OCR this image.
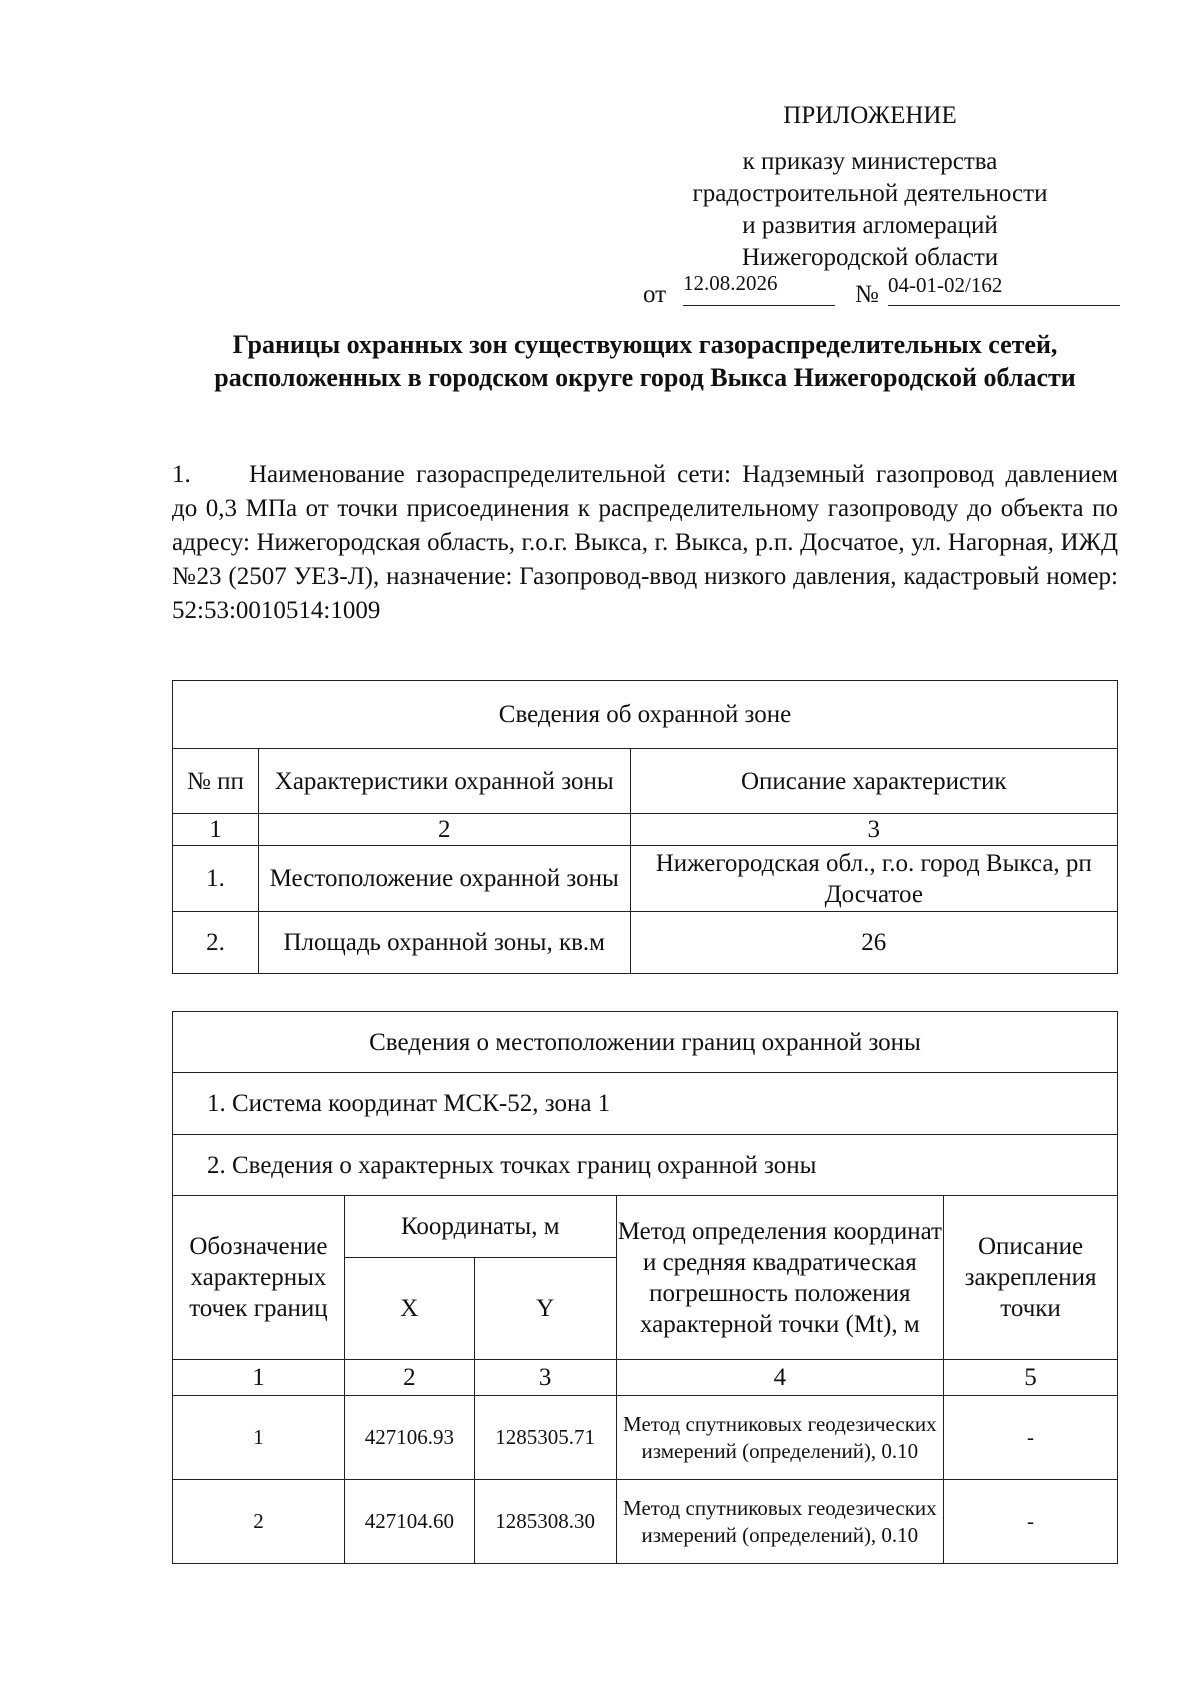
ПРИЛОЖЕНИЕ
к приказу министерства
градостроительной деятельности
и развития агломераций
Нижегородской области
от 12.08.2026	№ 04-01-02/162
Границы охранных зон существующих газораспределительных сетей, расположенных в городском округе город Выкса Нижегородской области
1. Наименование газораспределительной сети: Надземный газопровод давлением до 0,3 МПа от точки присоединения к распределительному газопроводу до объекта по адресу: Нижегородская область, г.о.г. Выкса, г. Выкса, р.п. Досчатое, ул. Нагорная, ИЖД №23 (2507 УЕЗ-Л), назначение: Газопровод-ввод низкого давления, кадастровый номер: 52:53:0010514:1009
Сведения об охранной зоне		
№ пп	Характеристики охранной зоны	Описание характеристик
1	2	3
1.	Местоположение охранной зоны	Нижегородская обл., г.о. город Выкса, рп Досчатое
2.	Площадь охранной зоны, кв.м	26
Сведения о местоположении границ охранной зоны				
1. Система координат МСК-52, зона 1				
2. Сведения о характерных точках границ охранной зоны				
Обозначение характерных точек границ	Координаты, м		Метод определения координат и средняя квадратическая погрешность положения характерной точки (Mt), м	Описание закрепления точки
	X	Y		
1	2	3	4	5
1	427106.93	1285305.71	Метод спутниковых геодезических измерений (определений), 0.10	-
2	427104.60	1285308.30	Метод спутниковых геодезических измерений (определений), 0.10	-
